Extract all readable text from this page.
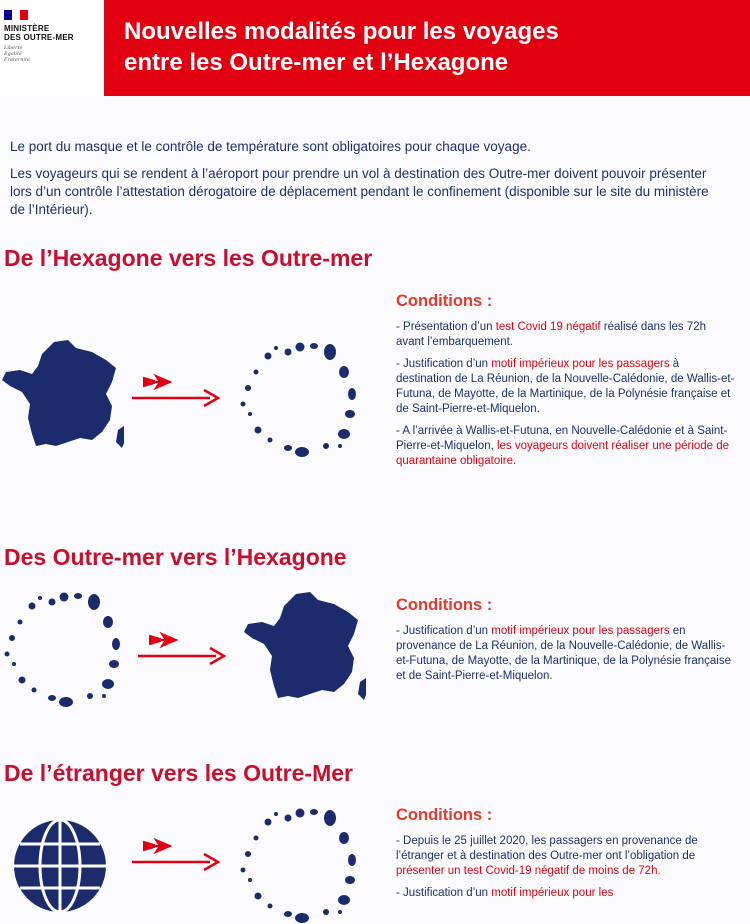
MINISTÈRE
DES OUTRE-MER
Liberté
Égalité
Fraternité
Nouvelles modalités pour les voyages
entre les Outre-mer et l’Hexagone
Le port du masque et le contrôle de température sont obligatoires pour chaque voyage.
Les voyageurs qui se rendent à l’aéroport pour prendre un vol à destination des Outre-mer doivent pouvoir présenter lors d’un contrôle l’attestation dérogatoire de déplacement pendant le confinement (disponible sur le site du ministère de l’Intérieur).
De l’Hexagone vers les Outre-mer
Conditions :
- Présentation d’un test Covid 19 négatif réalisé dans les 72h avant l’embarquement.
- Justification d’un motif impérieux pour les passagers à destination de La Réunion, de la Nouvelle-Calédonie, de Wallis-et-Futuna, de Mayotte, de la Martinique, de la Polynésie française et de Saint-Pierre-et-Miquelon.
- A l’arrivée à Wallis-et-Futuna, en Nouvelle-Calédonie et à Saint-Pierre-et-Miquelon, les voyageurs doivent réaliser une période de quarantaine obligatoire.
Des Outre-mer vers l’Hexagone
Conditions :
- Justification d’un motif impérieux pour les passagers en provenance de La Réunion, de la Nouvelle-Calédonie, de Wallis-et-Futuna, de Mayotte, de la Martinique, de la Polynésie française et de Saint-Pierre-et-Miquelon.
De l’étranger vers les Outre-Mer
Conditions :
- Depuis le 25 juillet 2020, les passagers en provenance de l’étranger et à destination des Outre-mer ont l’obligation de présenter un test Covid-19 négatif de moins de 72h.
- Justification d’un motif impérieux pour les
